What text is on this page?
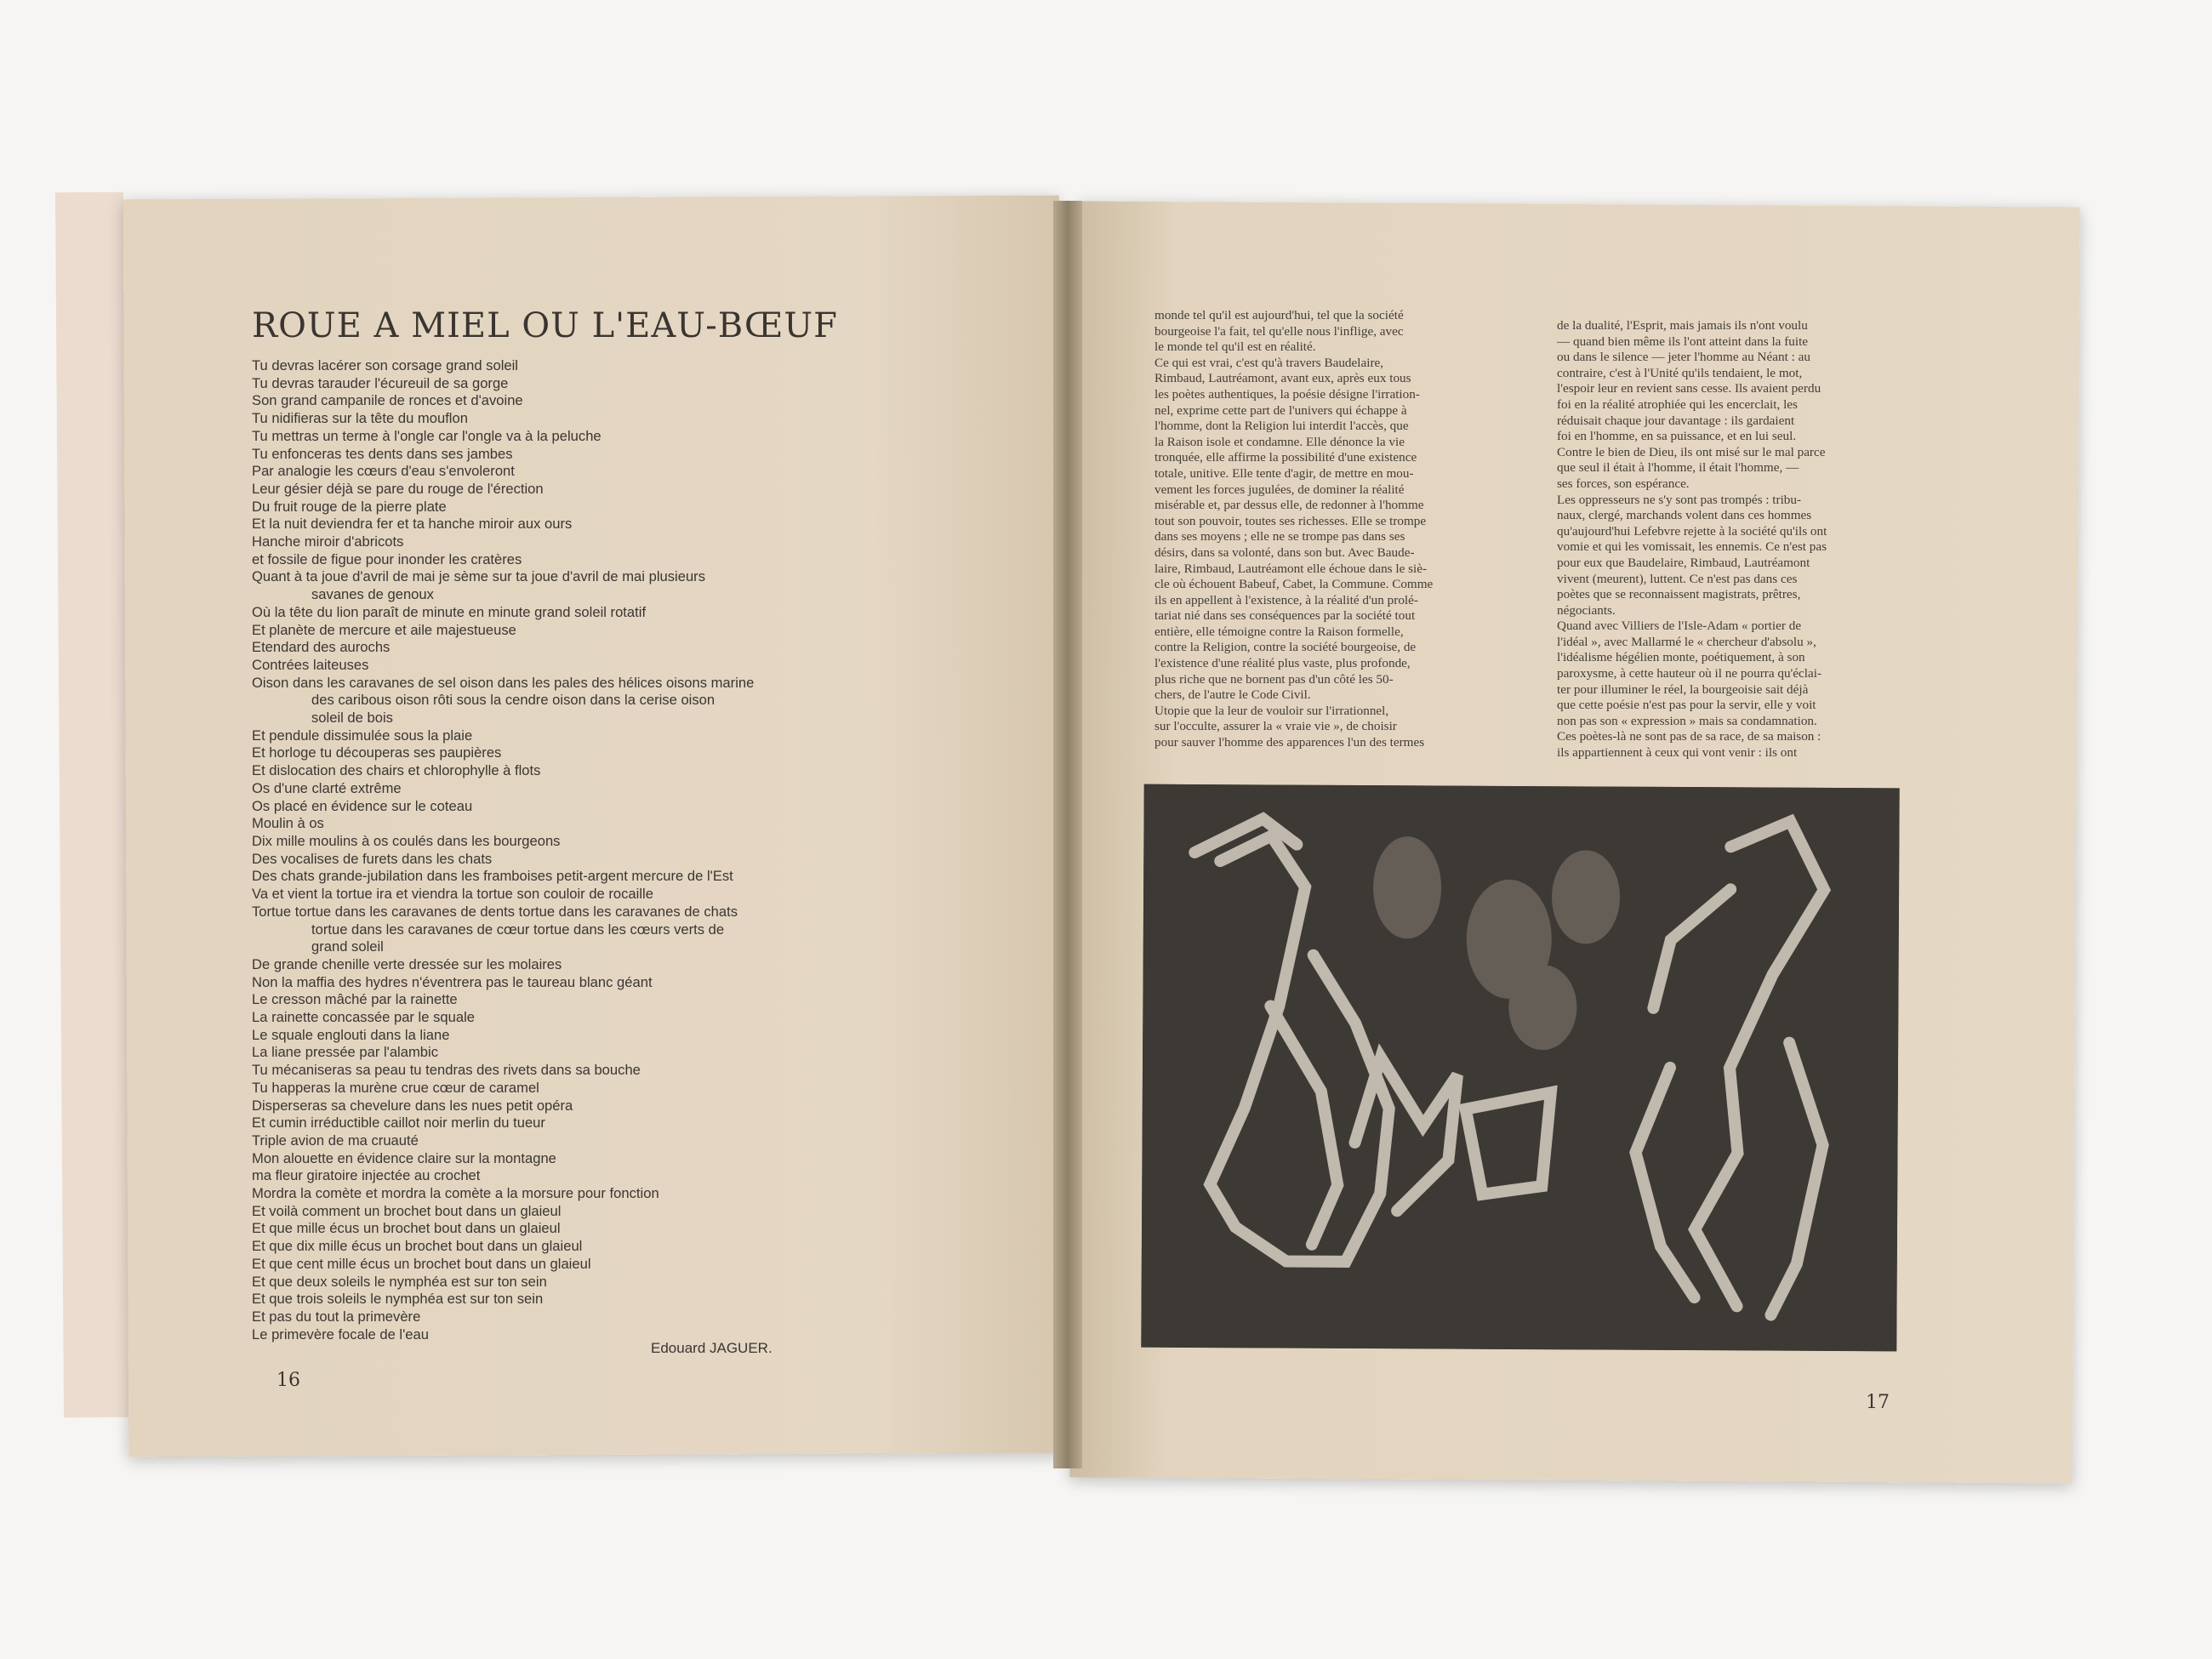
ROUE A MIEL OU L'EAU-BŒUF
Tu devras lacérer son corsage grand soleil
Tu devras tarauder l'écureuil de sa gorge
Son grand campanile de ronces et d'avoine
Tu nidifieras sur la tête du mouflon
Tu mettras un terme à l'ongle car l'ongle va à la peluche
Tu enfonceras tes dents dans ses jambes
Par analogie les cœurs d'eau s'envoleront
Leur gésier déjà se pare du rouge de l'érection
Du fruit rouge de la pierre plate
Et la nuit deviendra fer et ta hanche miroir aux ours
Hanche miroir d'abricots
et fossile de figue pour inonder les cratères
Quant à ta joue d'avril de mai je sème sur ta joue d'avril de mai plusieurs
savanes de genoux
Où la tête du lion paraît de minute en minute grand soleil rotatif
Et planète de mercure et aile majestueuse
Etendard des aurochs
Contrées laiteuses
Oison dans les caravanes de sel oison dans les pales des hélices oisons marine
des caribous oison rôti sous la cendre oison dans la cerise oison
soleil de bois
Et pendule dissimulée sous la plaie
Et horloge tu découperas ses paupières
Et dislocation des chairs et chlorophylle à flots
Os d'une clarté extrême
Os placé en évidence sur le coteau
Moulin à os
Dix mille moulins à os coulés dans les bourgeons
Des vocalises de furets dans les chats
Des chats grande-jubilation dans les framboises petit-argent mercure de l'Est
Va et vient la tortue ira et viendra la tortue son couloir de rocaille
Tortue tortue dans les caravanes de dents tortue dans les caravanes de chats
tortue dans les caravanes de cœur tortue dans les cœurs verts de
grand soleil
De grande chenille verte dressée sur les molaires
Non la maffia des hydres n'éventrera pas le taureau blanc géant
Le cresson mâché par la rainette
La rainette concassée par le squale
Le squale englouti dans la liane
La liane pressée par l'alambic
Tu mécaniseras sa peau tu tendras des rivets dans sa bouche
Tu happeras la murène crue cœur de caramel
Disperseras sa chevelure dans les nues petit opéra
Et cumin irréductible caillot noir merlin du tueur
Triple avion de ma cruauté
Mon alouette en évidence claire sur la montagne
ma fleur giratoire injectée au crochet
Mordra la comète et mordra la comète a la morsure pour fonction
Et voilà comment un brochet bout dans un glaieul
Et que mille écus un brochet bout dans un glaieul
Et que dix mille écus un brochet bout dans un glaieul
Et que cent mille écus un brochet bout dans un glaieul
Et que deux soleils le nymphéa est sur ton sein
Et que trois soleils le nymphéa est sur ton sein
Et pas du tout la primevère
Le primevère focale de l'eau
Edouard JAGUER.
16
monde tel qu'il est aujourd'hui, tel que la société
bourgeoise l'a fait, tel qu'elle nous l'inflige, avec
le monde tel qu'il est en réalité.
Ce qui est vrai, c'est qu'à travers Baudelaire,
Rimbaud, Lautréamont, avant eux, après eux tous
les poètes authentiques, la poésie désigne l'irration-
nel, exprime cette part de l'univers qui échappe à
l'homme, dont la Religion lui interdit l'accès, que
la Raison isole et condamne. Elle dénonce la vie
tronquée, elle affirme la possibilité d'une existence
totale, unitive. Elle tente d'agir, de mettre en mou-
vement les forces jugulées, de dominer la réalité
misérable et, par dessus elle, de redonner à l'homme
tout son pouvoir, toutes ses richesses. Elle se trompe
dans ses moyens ; elle ne se trompe pas dans ses
désirs, dans sa volonté, dans son but. Avec Baude-
laire, Rimbaud, Lautréamont elle échoue dans le siè-
cle où échouent Babeuf, Cabet, la Commune. Comme
ils en appellent à l'existence, à la réalité d'un prolé-
tariat nié dans ses conséquences par la société tout
entière, elle témoigne contre la Raison formelle,
contre la Religion, contre la société bourgeoise, de
l'existence d'une réalité plus vaste, plus profonde,
plus riche que ne bornent pas d'un côté les 50-
chers, de l'autre le Code Civil.
Utopie que la leur de vouloir sur l'irrationnel,
sur l'occulte, assurer la « vraie vie », de choisir
pour sauver l'homme des apparences l'un des termes
de la dualité, l'Esprit, mais jamais ils n'ont voulu
— quand bien même ils l'ont atteint dans la fuite
ou dans le silence — jeter l'homme au Néant : au
contraire, c'est à l'Unité qu'ils tendaient, le mot,
l'espoir leur en revient sans cesse. Ils avaient perdu
foi en la réalité atrophiée qui les encerclait, les
réduisait chaque jour davantage : ils gardaient
foi en l'homme, en sa puissance, et en lui seul.
Contre le bien de Dieu, ils ont misé sur le mal parce
que seul il était à l'homme, il était l'homme, —
ses forces, son espérance.
Les oppresseurs ne s'y sont pas trompés : tribu-
naux, clergé, marchands volent dans ces hommes
qu'aujourd'hui Lefebvre rejette à la société qu'ils ont
vomie et qui les vomissait, les ennemis. Ce n'est pas
pour eux que Baudelaire, Rimbaud, Lautréamont
vivent (meurent), luttent. Ce n'est pas dans ces
poètes que se reconnaissent magistrats, prêtres,
négociants.
Quand avec Villiers de l'Isle-Adam « portier de
l'idéal », avec Mallarmé le « chercheur d'absolu »,
l'idéalisme hégélien monte, poétiquement, à son
paroxysme, à cette hauteur où il ne pourra qu'éclai-
ter pour illuminer le réel, la bourgeoisie sait déjà
que cette poésie n'est pas pour la servir, elle y voit
non pas son « expression » mais sa condamnation.
Ces poètes-là ne sont pas de sa race, de sa maison :
ils appartiennent à ceux qui vont venir : ils ont
17
